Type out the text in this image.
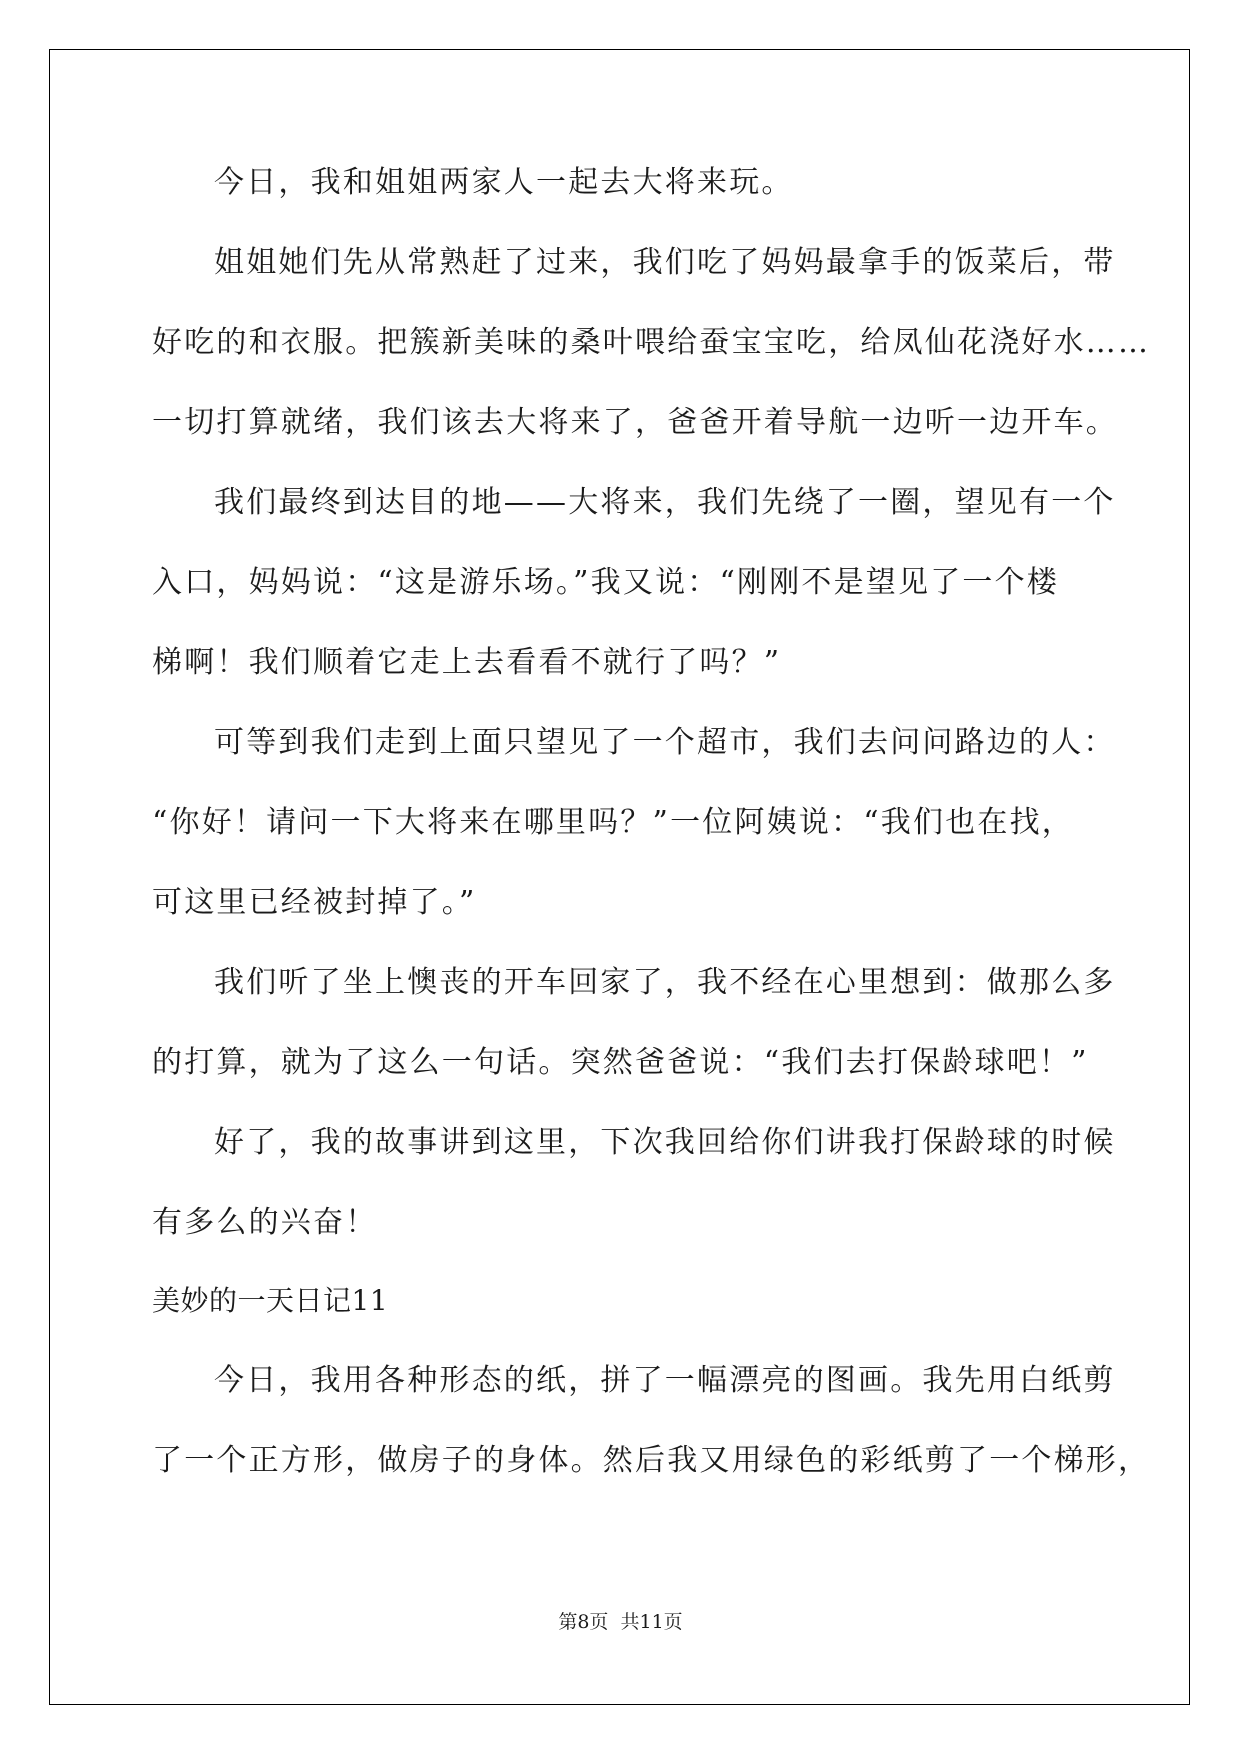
今日，我和姐姐两家人一起去大将来玩。
姐姐她们先从常熟赶了过来，我们吃了妈妈最拿手的饭菜后，带
好吃的和衣服。把簇新美味的桑叶喂给蚕宝宝吃，给凤仙花浇好水……
一切打算就绪，我们该去大将来了，爸爸开着导航一边听一边开车。
我们最终到达目的地——大将来，我们先绕了一圈，望见有一个
入口，妈妈说：“这是游乐场。”我又说：“刚刚不是望见了一个楼
梯啊！我们顺着它走上去看看不就行了吗？”
可等到我们走到上面只望见了一个超市，我们去问问路边的人：
“你好！请问一下大将来在哪里吗？”一位阿姨说：“我们也在找，
可这里已经被封掉了。”
我们听了坐上懊丧的开车回家了，我不经在心里想到：做那么多
的打算，就为了这么一句话。突然爸爸说：“我们去打保龄球吧！”
好了，我的故事讲到这里，下次我回给你们讲我打保龄球的时候
有多么的兴奋！
美妙的一天日记11
今日，我用各种形态的纸，拼了一幅漂亮的图画。我先用白纸剪
了一个正方形，做房子的身体。然后我又用绿色的彩纸剪了一个梯形，
第8页  共11页
